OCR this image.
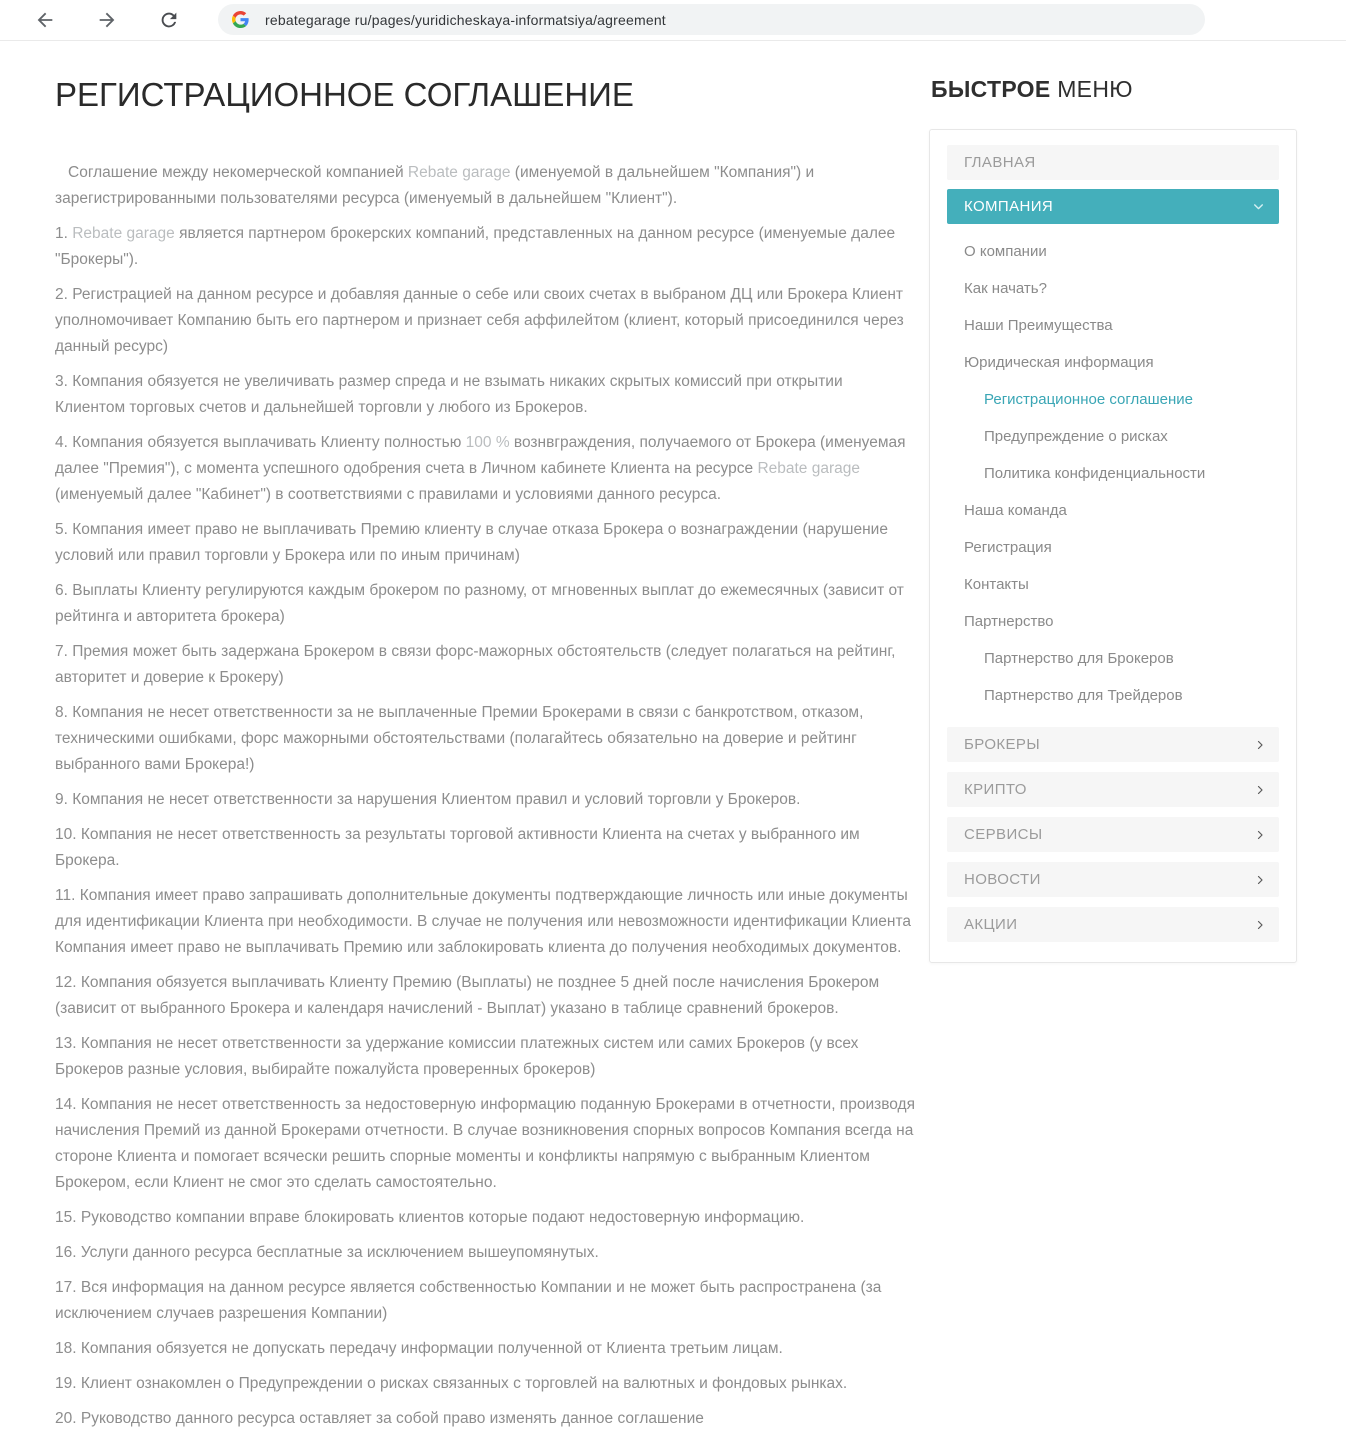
rebategarage ru/pages/yuridicheskaya-informatsiya/agreement
РЕГИСТРАЦИОННОЕ СОГЛАШЕНИЕ

Соглашение между некомерческой компанией Rebate garage (именуемой в дальнейшем "Компания") и зарегистрированными пользователями ресурса (именуемый в дальнейшем "Клиент").

1. Rebate garage является партнером брокерских компаний, представленных на данном ресурсе (именуемые далее "Брокеры").

2. Регистрацией на данном ресурсе и добавляя данные о себе или своих счетах в выбраном ДЦ или Брокера Клиент уполномочивает Компанию быть его партнером и признает себя аффилейтом (клиент, который присоединился через данный ресурс)

3. Компания обязуется не увеличивать размер спреда и не взымать никаких скрытых комиссий при открытии Клиентом торговых счетов и дальнейшей торговли у любого из Брокеров.

4. Компания обязуется выплачивать Клиенту полностью 100 % вознвграждения, получаемого от Брокера (именуемая далее "Премия"), с момента успешного одобрения счета в Личном кабинете Клиента на ресурсе Rebate garage (именуемый далее "Кабинет") в соответствиями с правилами и условиями данного ресурса.

5. Компания имеет право не выплачивать Премию клиенту в случае отказа Брокера о вознаграждении (нарушение условий или правил торговли у Брокера или по иным причинам)

6. Выплаты Клиенту регулируются каждым брокером по разному, от мгновенных выплат до ежемесячных (зависит от рейтинга и авторитета брокера)

7. Премия может быть задержана Брокером в связи форс-мажорных обстоятельств (следует полагаться на рейтинг, авторитет и доверие к Брокеру)

8. Компания не несет ответственности за не выплаченные Премии Брокерами в связи с банкротством, отказом, техническими ошибками, форс мажорными обстоятельствами (полагайтесь обязательно на доверие и рейтинг выбранного вами Брокера!)

9. Компания не несет ответственности за нарушения Клиентом правил и условий торговли у Брокеров.

10. Компания не несет ответственность за результаты торговой активности Клиента на счетах у выбранного им Брокера.

11. Компания имеет право запрашивать дополнительные документы подтверждающие личность или иные документы для идентификации Клиента при необходимости. В случае не получения или невозможности идентификации Клиента Компания имеет право не выплачивать Премию или заблокировать клиента до получения необходимых документов.

12. Компания обязуется выплачивать Клиенту Премию (Выплаты) не позднее 5 дней после начисления Брокером (зависит от выбранного Брокера и календаря начислений - Выплат) указано в таблице сравнений брокеров.

13. Компания не несет ответственности за удержание комиссии платежных систем или самих Брокеров (у всех Брокеров разные условия, выбирайте пожалуйста проверенных брокеров)

14. Компания не несет ответственность за недостоверную информацию поданную Брокерами в отчетности, производя начисления Премий из данной Брокерами отчетности. В случае возникновения спорных вопросов Компания всегда на стороне Клиента и помогает всячески решить спорные моменты и конфликты напрямую с выбранным Клиентом Брокером, если Клиент не смог это сделать самостоятельно.

15. Руководство компании вправе блокировать клиентов которые подают недостоверную информацию.

16. Услуги данного ресурса бесплатные за исключением вышеупомянутых.

17. Вся информация на данном ресурсе является собственностью Компании и не может быть распространена (за исключением случаев разрешения Компании)

18. Компания обязуется не допускать передачу информации полученной от Клиента третьим лицам.

19. Клиент ознакомлен о Предупреждении о рисках связанных с торговлей на валютных и фондовых рынках.

20. Руководство данного ресурса оставляет за собой право изменять данное соглашение

БЫСТРОЕ МЕНЮ
ГЛАВНАЯ
КОМПАНИЯ
О компании
Как начать?
Наши Преимущества
Юридическая информация
Регистрационное соглашение
Предупреждение о рисках
Политика конфиденциальности
Наша команда
Регистрация
Контакты
Партнерство
Партнерство для Брокеров
Партнерство для Трейдеров
БРОКЕРЫ
КРИПТО
СЕРВИСЫ
НОВОСТИ
АКЦИИ
